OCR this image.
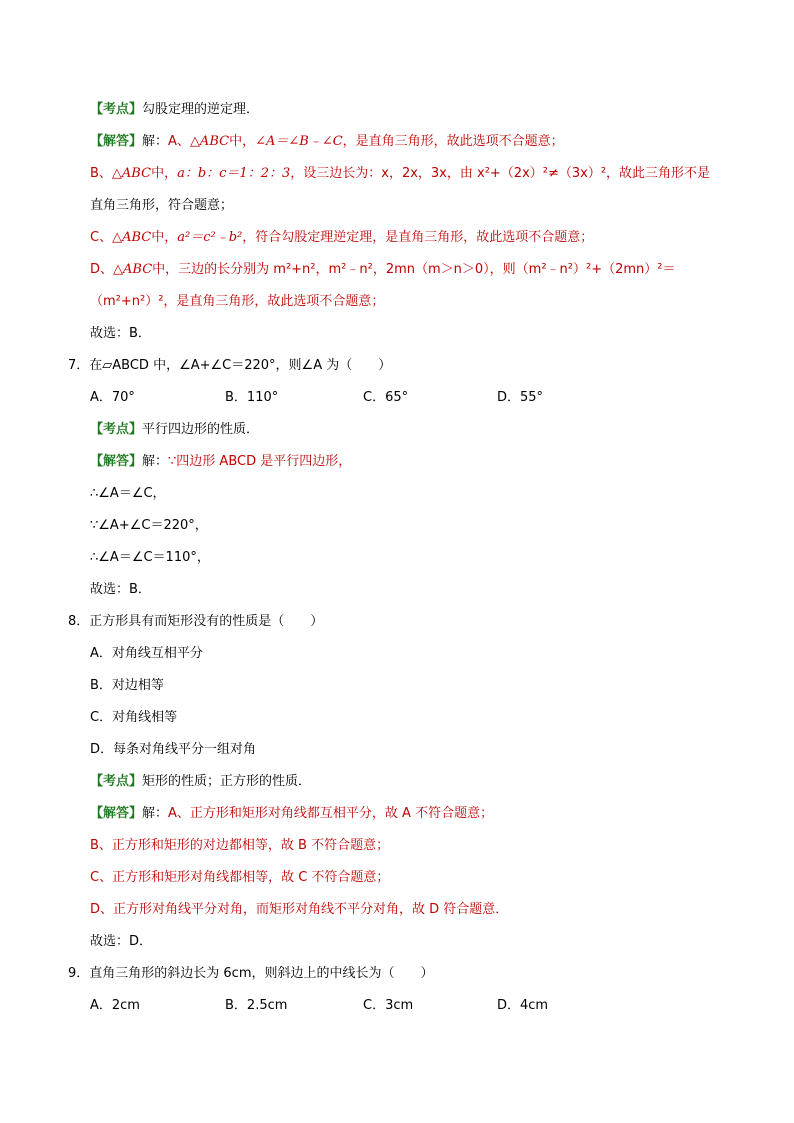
【考点】勾股定理的逆定理．
【解答】解：A、△ABC中，∠A＝∠B﹣∠C，是直角三角形，故此选项不合题意；
B、△ABC中，a：b：c＝1：2：3，设三边长为：x，2x，3x，由 x²+（2x）²≠（3x）²，故此三角形不是
直角三角形，符合题意；
C、△ABC中，a²＝c²﹣b²，符合勾股定理逆定理，是直角三角形，故此选项不合题意；
D、△ABC中，三边的长分别为 m²+n²，m²﹣n²，2mn（m＞n＞0），则（m²﹣n²）²+（2mn）²＝
（m²+n²）²，是直角三角形，故此选项不合题意；
故选：B．
7．在▱ABCD 中，∠A+∠C＝220°，则∠A 为（　　）
A．70°	B．110°	C．65°	D．55°
【考点】平行四边形的性质．
【解答】解：∵四边形 ABCD 是平行四边形，
∴∠A＝∠C，
∵∠A+∠C＝220°，
∴∠A＝∠C＝110°，
故选：B．
8．正方形具有而矩形没有的性质是（　　）
A．对角线互相平分
B．对边相等
C．对角线相等
D．每条对角线平分一组对角
【考点】矩形的性质；正方形的性质．
【解答】解：A、正方形和矩形对角线都互相平分，故 A 不符合题意；
B、正方形和矩形的对边都相等，故 B 不符合题意；
C、正方形和矩形对角线都相等，故 C 不符合题意；
D、正方形对角线平分对角，而矩形对角线不平分对角，故 D 符合题意．
故选：D．
9．直角三角形的斜边长为 6cm，则斜边上的中线长为（　　）
A．2cm	B．2.5cm	C．3cm	D．4cm
